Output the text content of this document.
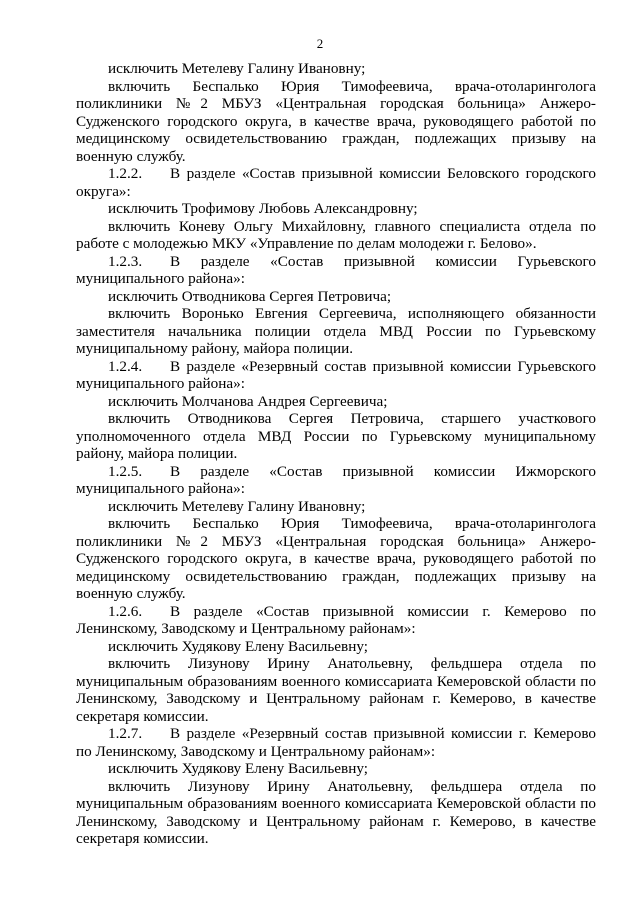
2

исключить Метелеву Галину Ивановну;

включить Беспалько Юрия Тимофеевича, врача-отоларинголога поликлиники №2 МБУЗ «Центральная городская больница» Анжеро-Судженского городского округа, в качестве врача, руководящего работой по медицинскому освидетельствованию граждан, подлежащих призыву на военную службу.

1.2.2. В разделе «Состав призывной комиссии Беловского городского округа»:

исключить Трофимову Любовь Александровну;

включить Коневу Ольгу Михайловну, главного специалиста отдела по работе с молодежью МКУ «Управление по делам молодежи г. Белово».

1.2.3. В разделе «Состав призывной комиссии Гурьевского муниципального района»:

исключить Отводникова Сергея Петровича;

включить Воронько Евгения Сергеевича, исполняющего обязанности заместителя начальника полиции отдела МВД России по Гурьевскому муниципальному району, майора полиции.

1.2.4. В разделе «Резервный состав призывной комиссии Гурьевского муниципального района»:

исключить Молчанова Андрея Сергеевича;

включить Отводникова Сергея Петровича, старшего участкового уполномоченного отдела МВД России по Гурьевскому муниципальному району, майора полиции.

1.2.5. В разделе «Состав призывной комиссии Ижморского муниципального района»:

исключить Метелеву Галину Ивановну;

включить Беспалько Юрия Тимофеевича, врача-отоларинголога поликлиники №2 МБУЗ «Центральная городская больница» Анжеро-Судженского городского округа, в качестве врача, руководящего работой по медицинскому освидетельствованию граждан, подлежащих призыву на военную службу.

1.2.6. В разделе «Состав призывной комиссии г. Кемерово по Ленинскому, Заводскому и Центральному районам»:

исключить Худякову Елену Васильевну;

включить Лизунову Ирину Анатольевну, фельдшера отдела по муниципальным образованиям военного комиссариата Кемеровской области по Ленинскому, Заводскому и Центральному районам г. Кемерово, в качестве секретаря комиссии.

1.2.7. В разделе «Резервный состав призывной комиссии г. Кемерово по Ленинскому, Заводскому и Центральному районам»:

исключить Худякову Елену Васильевну;

включить Лизунову Ирину Анатольевну, фельдшера отдела по муниципальным образованиям военного комиссариата Кемеровской области по Ленинскому, Заводскому и Центральному районам г. Кемерово, в качестве секретаря комиссии.
